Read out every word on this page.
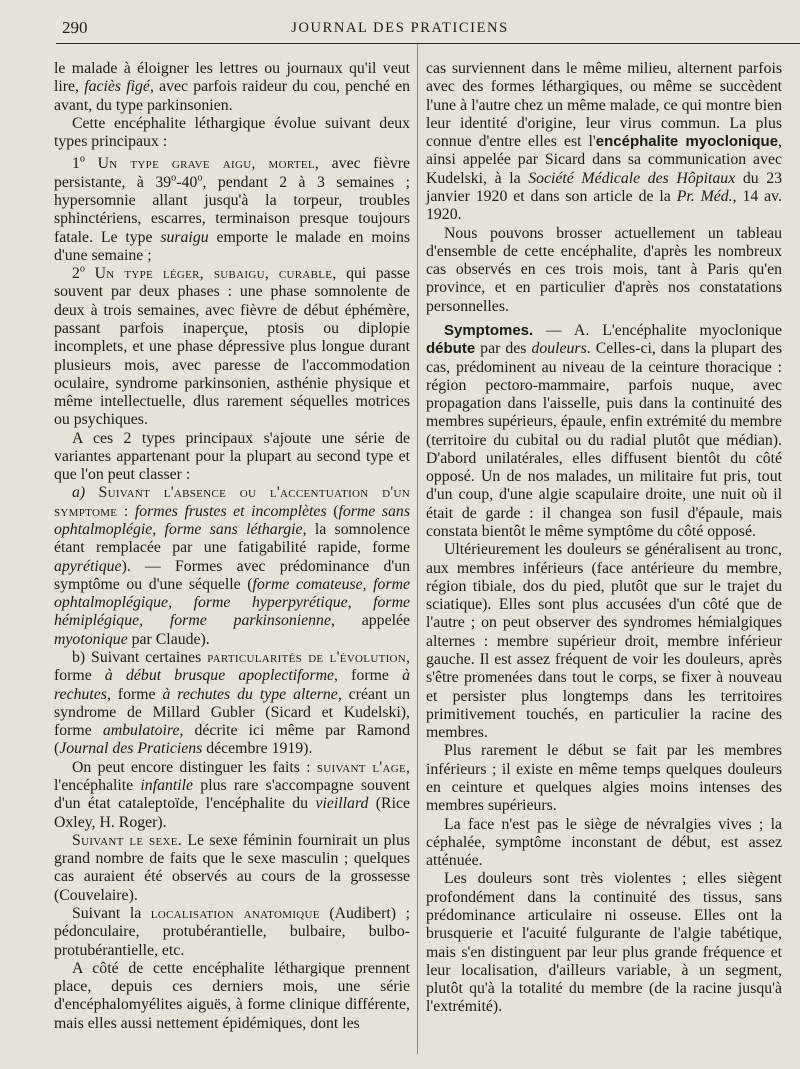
290	JOURNAL DES PRATICIENS

le malade à éloigner les lettres ou journaux qu'il veut lire, faciès figé, avec parfois raideur du cou, penché en avant, du type parkinsonien.

Cette encéphalite léthargique évolue suivant deux types principaux :

1$^o$ Un type grave aigu, mortel, avec fièvre persistante, à 39$^o$-40$^o$, pendant 2 à 3 semaines ; hypersomnie allant jusqu'à la torpeur, troubles sphinctériens, escarres, terminaison presque toujours fatale. Le type suraigu emporte le malade en moins d'une semaine ;

2$^o$ Un type léger, subaigu, curable, qui passe souvent par deux phases : une phase somnolente de deux à trois semaines, avec fièvre de début éphémère, passant parfois inaperçue, ptosis ou diplopie incomplets, et une phase dépressive plus longue durant plusieurs mois, avec paresse de l'accommodation oculaire, syndrome parkinsonien, asthénie physique et même intellectuelle, dlus rarement séquelles motrices ou psychiques.

A ces 2 types principaux s'ajoute une série de variantes appartenant pour la plupart au second type et que l'on peut classer :

a) Suivant l'absence ou l'accentuation d'un symptome : formes frustes et incomplètes (forme sans ophtalmoplégie, forme sans léthargie, la somnolence étant remplacée par une fatigabilité rapide, forme apyrétique). — Formes avec prédominance d'un symptôme ou d'une séquelle (forme comateuse, forme ophtalmoplégique, forme hyperpyrétique, forme hémiplégique, forme parkinsonienne, appelée myotonique par Claude).

b) Suivant certaines particularités de l'évolution, forme à début brusque apoplectiforme, forme à rechutes, forme à rechutes du type alterne, créant un syndrome de Millard Gubler (Sicard et Kudelski), forme ambulatoire, décrite ici même par Ramond (Journal des Praticiens décembre 1919).

On peut encore distinguer les faits : suivant l'age, l'encéphalite infantile plus rare s'accompagne souvent d'un état cataleptoïde, l'encéphalite du vieillard (Rice Oxley, H. Roger).

Suivant le sexe. Le sexe féminin fournirait un plus grand nombre de faits que le sexe masculin ; quelques cas auraient été observés au cours de la grossesse (Couvelaire).

Suivant la localisation anatomique (Audibert) ; pédonculaire, protubérantielle, bulbaire, bulbo-protubérantielle, etc.

A côté de cette encéphalite léthargique prennent place, depuis ces derniers mois, une série d'encéphalomyélites aiguës, à forme clinique différente, mais elles aussi nettement épidémiques, dont les

cas surviennent dans le même milieu, alternent parfois avec des formes léthargiques, ou même se succèdent l'une à l'autre chez un même malade, ce qui montre bien leur identité d'origine, leur virus commun. La plus connue d'entre elles est l'encéphalite myoclonique, ainsi appelée par Sicard dans sa communication avec Kudelski, à la Société Médicale des Hôpitaux du 23 janvier 1920 et dans son article de la Pr. Méd., 14 av. 1920.

Nous pouvons brosser actuellement un tableau d'ensemble de cette encéphalite, d'après les nombreux cas observés en ces trois mois, tant à Paris qu'en province, et en particulier d'après nos constatations personnelles.

Symptomes. — A. L'encéphalite myoclonique débute par des douleurs. Celles-ci, dans la plupart des cas, prédominent au niveau de la ceinture thoracique : région pectoro-mammaire, parfois nuque, avec propagation dans l'aisselle, puis dans la continuité des membres supérieurs, épaule, enfin extrémité du membre (territoire du cubital ou du radial plutôt que médian). D'abord unilatérales, elles diffusent bientôt du côté opposé. Un de nos malades, un militaire fut pris, tout d'un coup, d'une algie scapulaire droite, une nuit où il était de garde : il changea son fusil d'épaule, mais constata bientôt le même symptôme du côté opposé.

Ultérieurement les douleurs se généralisent au tronc, aux membres inférieurs (face antérieure du membre, région tibiale, dos du pied, plutôt que sur le trajet du sciatique). Elles sont plus accusées d'un côté que de l'autre ; on peut observer des syndromes hémialgiques alternes : membre supérieur droit, membre inférieur gauche. Il est assez fréquent de voir les douleurs, après s'être promenées dans tout le corps, se fixer à nouveau et persister plus longtemps dans les territoires primitivement touchés, en particulier la racine des membres.

Plus rarement le début se fait par les membres inférieurs ; il existe en même temps quelques douleurs en ceinture et quelques algies moins intenses des membres supérieurs.

La face n'est pas le siège de névralgies vives ; la céphalée, symptôme inconstant de début, est assez atténuée.

Les douleurs sont très violentes ; elles siègent profondément dans la continuité des tissus, sans prédominance articulaire ni osseuse. Elles ont la brusquerie et l'acuité fulgurante de l'algie tabétique, mais s'en distinguent par leur plus grande fréquence et leur localisation, d'ailleurs variable, à un segment, plutôt qu'à la totalité du membre (de la racine jusqu'à l'extrémité).
